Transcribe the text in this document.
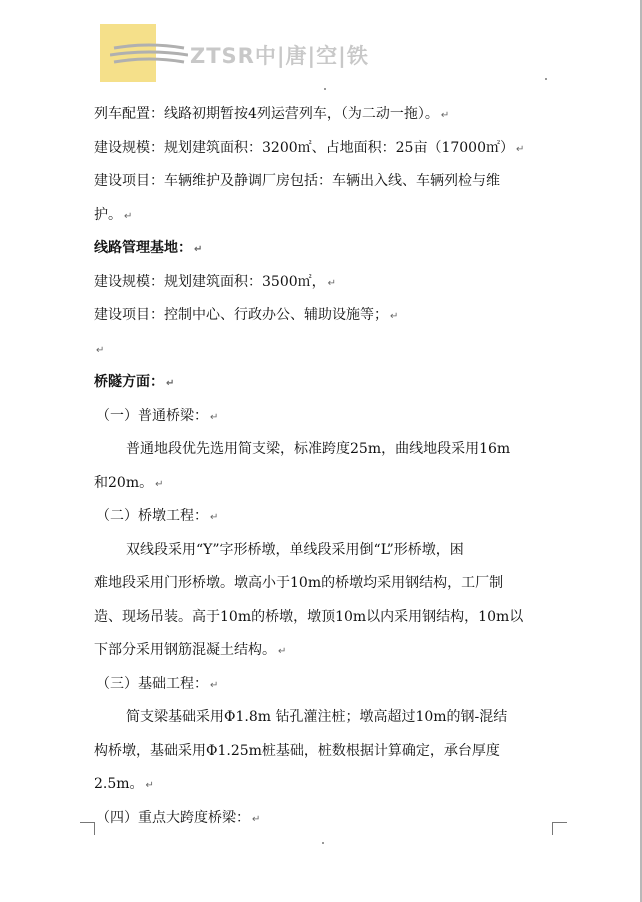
ZTSR中|唐|空|铁
列车配置：线路初期暂按4列运营列车，（为二动一拖）。 ↵
建设规模：规划建筑面积：3200㎡、占地面积：25亩（17000㎡） ↵
建设项目：车辆维护及静调厂房包括：车辆出入线、车辆列检与维
护。 ↵
线路管理基地： ↵
建设规模：规划建筑面积：3500㎡， ↵
建设项目：控制中心、行政办公、辅助设施等； ↵
↵
桥隧方面： ↵
（一）普通桥梁： ↵
普通地段优先选用简支梁，标准跨度25m，曲线地段采用16m
和20m。 ↵
（二）桥墩工程： ↵
双线段采用“Y”字形桥墩，单线段采用倒“L”形桥墩，困
难地段采用门形桥墩。墩高小于10m的桥墩均采用钢结构，工厂制
造、现场吊装。高于10m的桥墩，墩顶10m以内采用钢结构，10m以
下部分采用钢筋混凝土结构。 ↵
（三）基础工程： ↵
简支梁基础采用Φ1.8m 钻孔灌注桩；墩高超过10m的钢-混结
构桥墩，基础采用Φ1.25m桩基础，桩数根据计算确定，承台厚度
2.5m。 ↵
（四）重点大跨度桥梁： ↵
